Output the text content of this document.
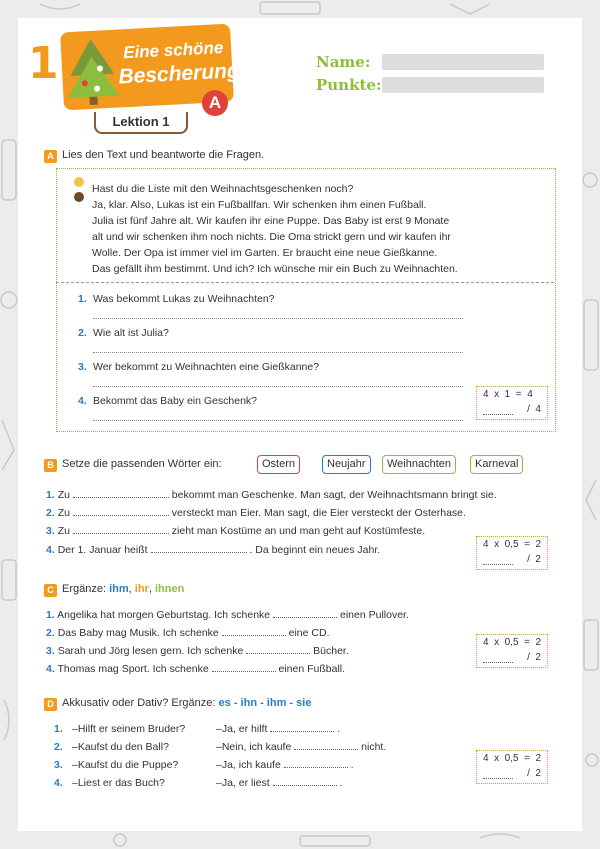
1	Eine schöne
Bescherung
A
Lektion 1
Name:
Punkte:
A Lies den Text und beantworte die Fragen.
Hast du die Liste mit den Weihnachtsgeschenken noch?
Ja, klar. Also, Lukas ist ein Fußballfan. Wir schenken ihm einen Fußball.
Julia ist fünf Jahre alt. Wir kaufen ihr eine Puppe. Das Baby ist erst 9 Monate
alt und wir schenken ihm noch nichts. Die Oma strickt gern und wir kaufen ihr
Wolle. Der Opa ist immer viel im Garten. Er braucht eine neue Gießkanne.
Das gefällt ihm bestimmt. Und ich? Ich wünsche mir ein Buch zu Weihnachten.
1. Was bekommt Lukas zu Weihnachten?
2. Wie alt ist Julia?
3. Wer bekommt zu Weihnachten eine Gießkanne?
4. Bekommt das Baby ein Geschenk?
4  x  1  =  4
/  4
B Setze die passenden Wörter ein:	Ostern	Neujahr	Weihnachten	Karneval
1. Zu	bekommt man Geschenke. Man sagt, der Weihnachtsmann bringt sie.
2. Zu	versteckt man Eier. Man sagt, die Eier versteckt der Osterhase.
3. Zu	zieht man Kostüme an und man geht auf Kostümfeste.
4. Der 1. Januar heißt	. Da beginnt ein neues Jahr.	4  x  0,5  =  2
/  2
C Ergänze: ihm, ihr, ihnen
1. Angelika hat morgen Geburtstag. Ich schenke	einen Pullover.
2. Das Baby mag Musik. Ich schenke	eine CD.
3. Sarah und Jörg lesen gern. Ich schenke	Bücher.
4. Thomas mag Sport. Ich schenke	einen Fußball.
4  x  0,5  =  2
/  2
D Akkusativ oder Dativ? Ergänze: es - ihn - ihm - sie
1. –Hilft er seinem Bruder?	–Ja, er hilft	.
2. –Kaufst du den Ball?	–Nein, ich kaufe	nicht.
3. –Kaufst du die Puppe?	–Ja, ich kaufe	.
4. –Liest er das Buch?	–Ja, er liest	.
4  x  0,5  =  2
/  2
